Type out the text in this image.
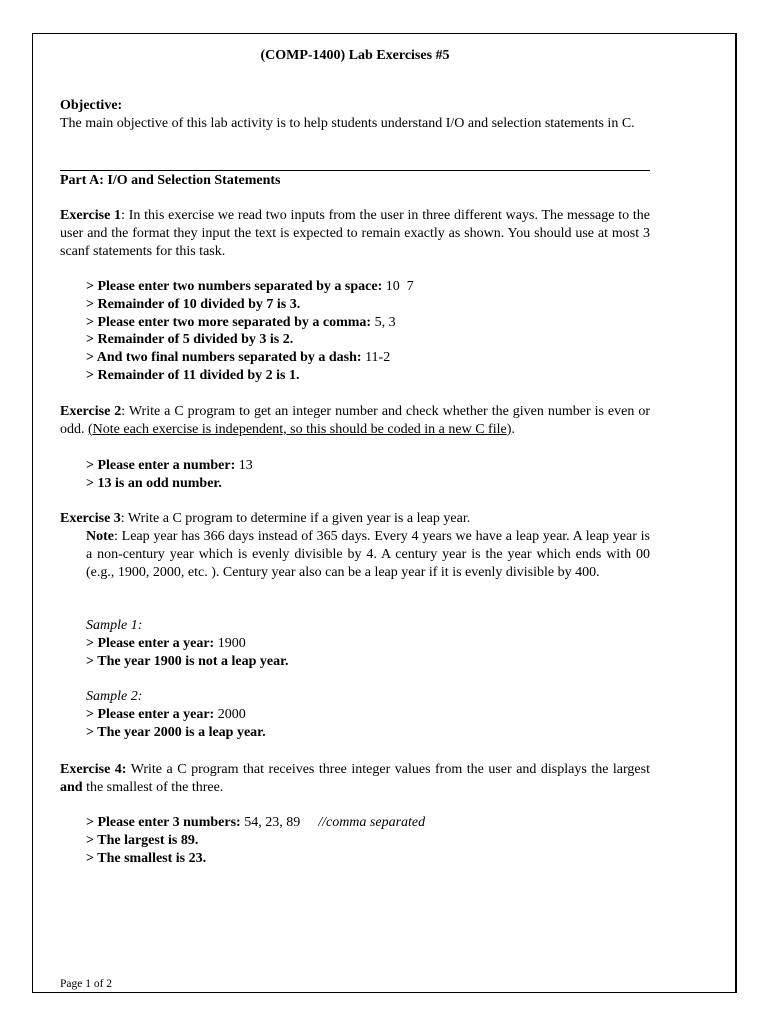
(COMP-1400) Lab Exercises #5
Objective:
The main objective of this lab activity is to help students understand I/O and selection statements in C.
Part A: I/O and Selection Statements
Exercise 1: In this exercise we read two inputs from the user in three different ways. The message to the user and the format they input the text is expected to remain exactly as shown. You should use at most 3 scanf statements for this task.
> Please enter two numbers separated by a space: 10  7
> Remainder of 10 divided by 7 is 3.
> Please enter two more separated by a comma: 5, 3
> Remainder of 5 divided by 3 is 2.
> And two final numbers separated by a dash: 11-2
> Remainder of 11 divided by 2 is 1.
Exercise 2: Write a C program to get an integer number and check whether the given number is even or odd. (Note each exercise is independent, so this should be coded in a new C file).
> Please enter a number: 13
> 13 is an odd number.
Exercise 3: Write a C program to determine if a given year is a leap year.
Note: Leap year has 366 days instead of 365 days. Every 4 years we have a leap year. A leap year is a non-century year which is evenly divisible by 4. A century year is the year which ends with 00 (e.g., 1900, 2000, etc. ). Century year also can be a leap year if it is evenly divisible by 400.
Sample 1:
> Please enter a year: 1900
> The year 1900 is not a leap year.
Sample 2:
> Please enter a year: 2000
> The year 2000 is a leap year.
Exercise 4: Write a C program that receives three integer values from the user and displays the largest and the smallest of the three.
> Please enter 3 numbers: 54, 23, 89 //comma separated
> The largest is 89.
> The smallest is 23.
Page 1 of 2
